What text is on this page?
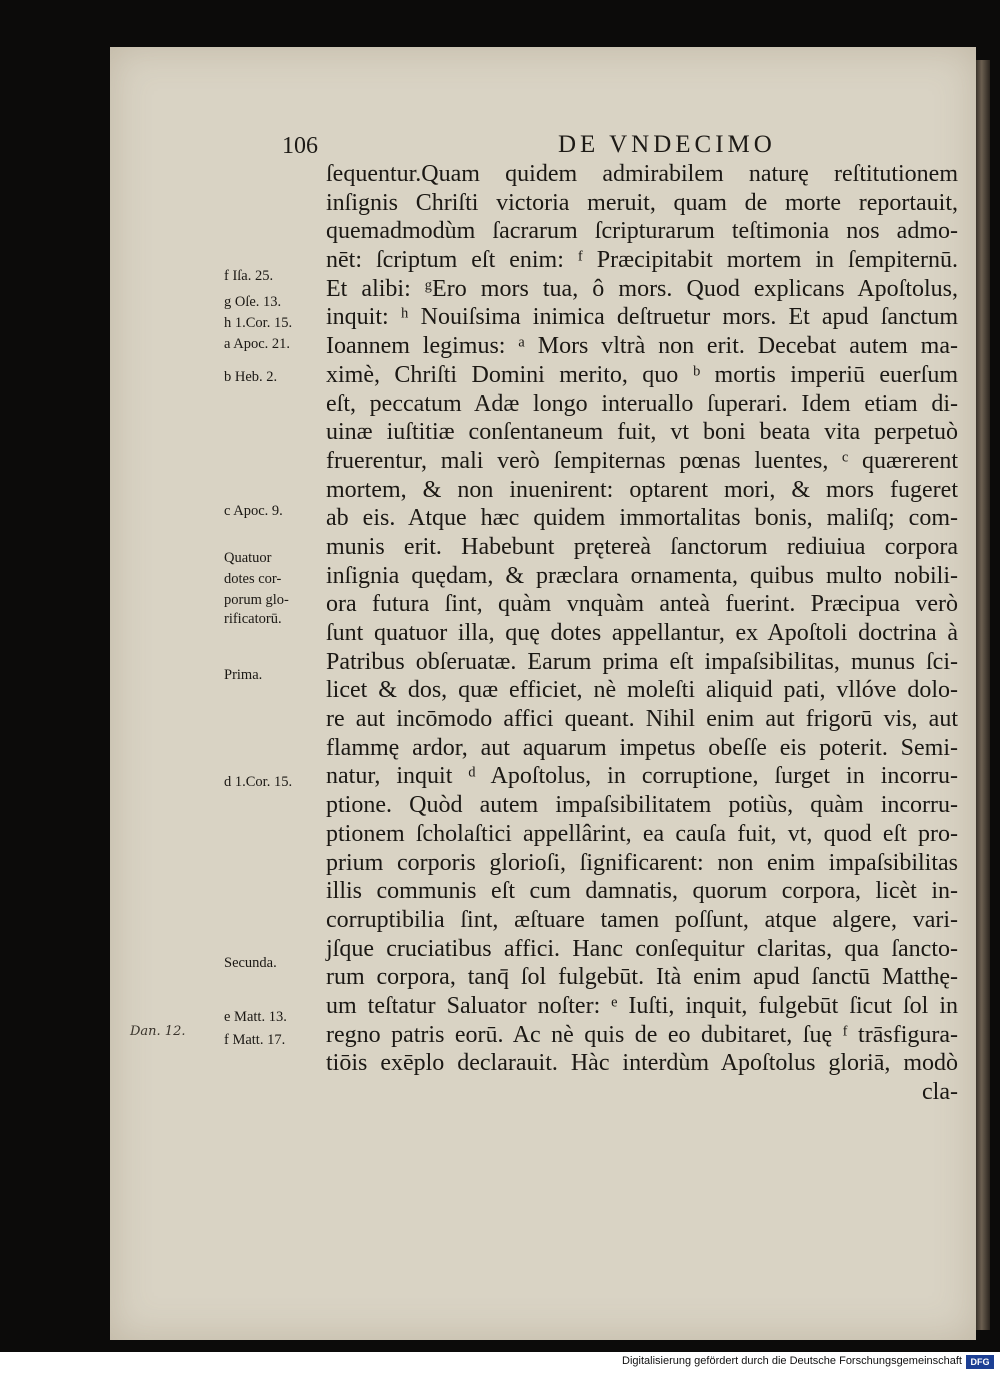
106	DE VNDECIMO
ſequentur.Quam quidem admirabilem naturę reſtitutionem
inſignis Chriſti victoria meruit, quam de morte reportauit,
quemadmodùm ſacrarum ſcripturarum teſtimonia nos admo-
nēt: ſcriptum eſt enim: ᶠ Præcipitabit mortem in ſempiternū.
Et alibi: ᵍEro mors tua, ô mors. Quod explicans Apoſtolus,
inquit: ʰ Nouiſsima inimica deſtruetur mors. Et apud ſanctum
Ioannem legimus: ᵃ Mors vltrà non erit. Decebat autem ma-
ximè, Chriſti Domini merito, quo ᵇ mortis imperiū euerſum
eſt, peccatum Adæ longo interuallo ſuperari. Idem etiam di-
uinæ iuſtitiæ conſentaneum fuit, vt boni beata vita perpetuò
fruerentur, mali verò ſempiternas pœnas luentes, ᶜ quærerent
mortem, & non inuenirent: optarent mori, & mors fugeret
ab eis. Atque hæc quidem immortalitas bonis, maliſq; com-
munis erit. Habebunt prętereà ſanctorum rediuiua corpora
inſignia quędam, & præclara ornamenta, quibus multo nobili-
ora futura ſint, quàm vnquàm anteà fuerint. Præcipua verò
ſunt quatuor illa, quę dotes appellantur, ex Apoſtoli doctrina à
Patribus obſeruatæ. Earum prima eſt impaſsibilitas, munus ſci-
licet & dos, quæ efficiet, nè moleſti aliquid pati, vllóve dolo-
re aut incōmodo affici queant. Nihil enim aut frigorū vis, aut
flammę ardor, aut aquarum impetus obeſſe eis poterit. Semi-
natur, inquit ᵈ Apoſtolus, in corruptione, ſurget in incorru-
ptione. Quòd autem impaſsibilitatem potiùs, quàm incorru-
ptionem ſcholaſtici appellârint, ea cauſa fuit, vt, quod eſt pro-
prium corporis glorioſi, ſignificarent: non enim impaſsibilitas
illis communis eſt cum damnatis, quorum corpora, licèt in-
corruptibilia ſint, æſtuare tamen poſſunt, atque algere, vari-
jſque cruciatibus affici. Hanc conſequitur claritas, qua ſancto-
rum corpora, tanq̄ ſol fulgebūt. Ità enim apud ſanctū Matthę-
um teſtatur Saluator noſter: ᵉ Iuſti, inquit, fulgebūt ſicut ſol in
regno patris eorū. Ac nè quis de eo dubitaret, ſuę ᶠ trāsfigura-
tiōis exēplo declarauit. Hàc interdùm Apoſtolus gloriā, modò
cla-
f Iſa. 25.
g Oſe. 13.
h 1.Cor. 15.
a Apoc. 21.
b Heb. 2.
c Apoc. 9.
Quatuor
dotes cor-
porum glo-
rificatorū.
Prima.
d 1.Cor. 15.
Secunda.
e Matt. 13.
f Matt. 17.
Dan. 12.
Digitalisierung gefördert durch die Deutsche Forschungsgemeinschaft DFG
